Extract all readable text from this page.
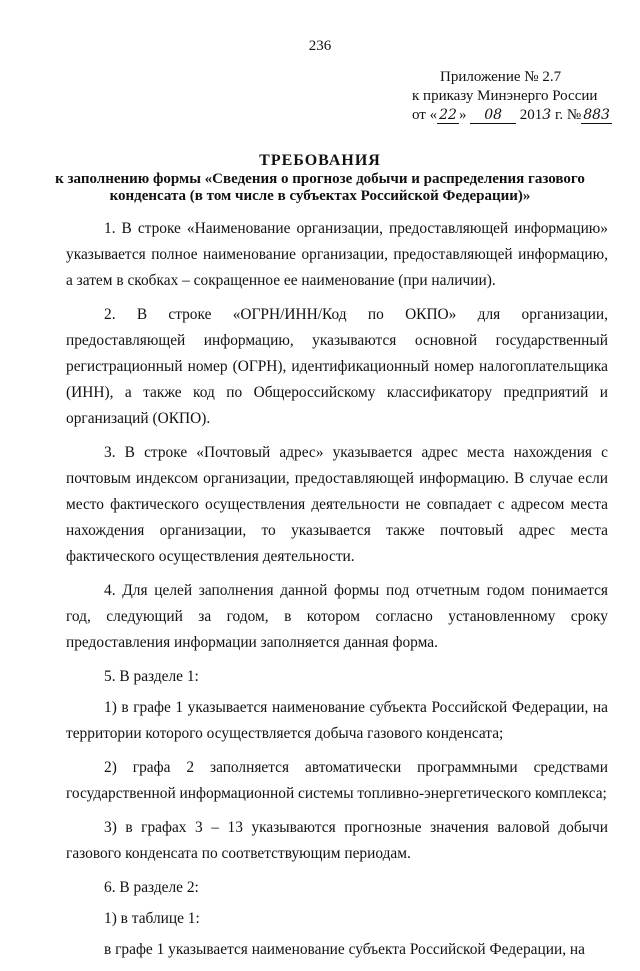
236
Приложение № 2.7
к приказу Минэнерго России
от « 22 » 08 2013 г. № 883
ТРЕБОВАНИЯ
к заполнению формы «Сведения о прогнозе добычи и распределения газового
конденсата (в том числе в субъектах Российской Федерации)»

1. В строке «Наименование организации, предоставляющей информацию» указывается полное наименование организации, предоставляющей информацию, а затем в скобках – сокращенное ее наименование (при наличии).

2. В строке «ОГРН/ИНН/Код по ОКПО» для организации, предоставляющей информацию, указываются основной государственный регистрационный номер (ОГРН), идентификационный номер налогоплательщика (ИНН), а также код по Общероссийскому классификатору предприятий и организаций (ОКПО).

3. В строке «Почтовый адрес» указывается адрес места нахождения с почтовым индексом организации, предоставляющей информацию. В случае если место фактического осуществления деятельности не совпадает с адресом места нахождения организации, то указывается также почтовый адрес места фактического осуществления деятельности.

4. Для целей заполнения данной формы под отчетным годом понимается год, следующий за годом, в котором согласно установленному сроку предоставления информации заполняется данная форма.

5. В разделе 1:

1) в графе 1 указывается наименование субъекта Российской Федерации, на территории которого осуществляется добыча газового конденсата;

2) графа 2 заполняется автоматически программными средствами государственной информационной системы топливно-энергетического комплекса;

3) в графах 3 – 13 указываются прогнозные значения валовой добычи газового конденсата по соответствующим периодам.

6. В разделе 2:

1) в таблице 1:

в графе 1 указывается наименование субъекта Российской Федерации, на
